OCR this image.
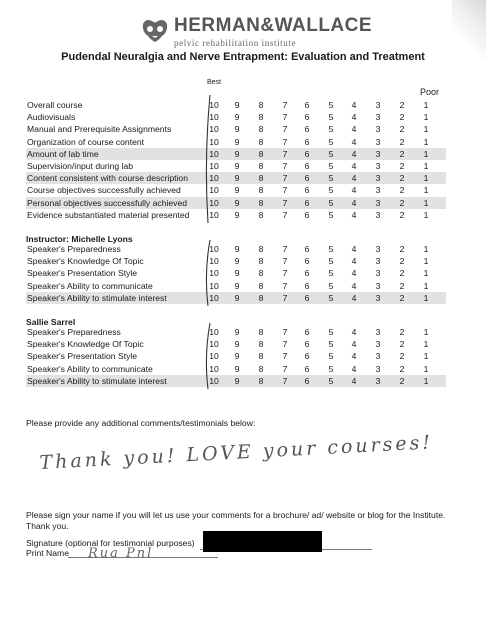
HERMAN&WALLACE
pelvic rehabilitation institute
Pudendal Neuralgia and Nerve Entrapment: Evaluation and Treatment
Best
Poor
Overall course	10	9	8	7	6	5	4	3	2	1
Audiovisuals	10	9	8	7	6	5	4	3	2	1
Manual and Prerequisite Assignments	10	9	8	7	6	5	4	3	2	1
Organization of course content	10	9	8	7	6	5	4	3	2	1
Amount of lab time	10	9	8	7	6	5	4	3	2	1
Supervision/input during lab	10	9	8	7	6	5	4	3	2	1
Content consistent with course description 10	9	8	7	6	5	4	3	2	1
Course objectives successfully achieved	10	9	8	7	6	5	4	3	2	1
Personal objectives successfully achieved	10	9	8	7	6	5	4	3	2	1
Evidence substantiated material presented 10	9	8	7	6	5	4	3	2	1
Speaker's Preparedness	10	9	8	7	6	5	4	3	2	1
Speaker's Knowledge Of Topic	10	9	8	7	6	5	4	3	2	1
Speaker's Presentation Style	10	9	8	7	6	5	4	3	2	1
Speaker's Ability to communicate	10	9	8	7	6	5	4	3	2	1
Speaker's Ability to stimulate interest	10	9	8	7	6	5	4	3	2	1
Speaker's Preparedness	10	9	8	7	6	5	4	3	2	1
Speaker's Knowledge Of Topic	10	9	8	7	6	5	4	3	2	1
Speaker's Presentation Style	10	9	8	7	6	5	4	3	2	1
Speaker's Ability to communicate	10	9	8	7	6	5	4	3	2	1
Speaker's Ability to stimulate interest	10	9	8	7	6	5	4	3	2	1
Please provide any additional comments/testimonials below:
Thank you! LOVE your courses!
Please sign your name if you will let us use your comments for a brochure/ ad/ website or blog for the Institute. Thank you.
Signature (optional for testimonial purposes)
Print Name Rua Pnl
Instructor: Michelle Lyons
Sallie Sarrel
